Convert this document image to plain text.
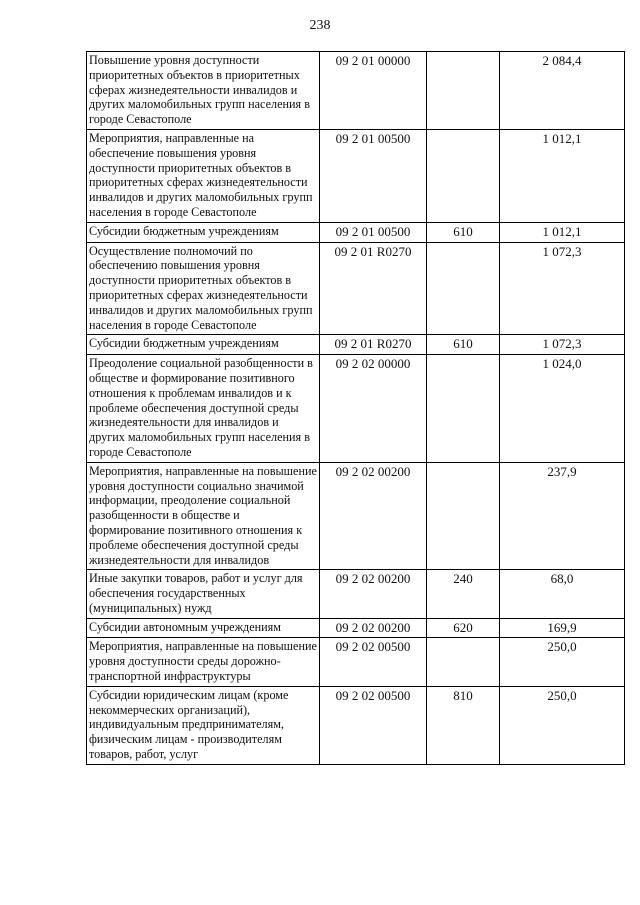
238
Повышение уровня доступности приоритетных объектов в приоритетных сферах жизнедеятельности инвалидов и других маломобильных групп населения в городе Севастополе	09 2 01 00000		2 084,4
Мероприятия, направленные на обеспечение повышения уровня доступности приоритетных объектов в приоритетных сферах жизнедеятельности инвалидов и других маломобильных групп населения в городе Севастополе	09 2 01 00500		1 012,1
Субсидии бюджетным учреждениям	09 2 01 00500	610	1 012,1
Осуществление полномочий по обеспечению повышения уровня доступности приоритетных объектов в приоритетных сферах жизнедеятельности инвалидов и других маломобильных групп населения в городе Севастополе	09 2 01 R0270		1 072,3
Субсидии бюджетным учреждениям	09 2 01 R0270	610	1 072,3
Преодоление социальной разобщенности в обществе и формирование позитивного отношения к проблемам инвалидов и к проблеме обеспечения доступной среды жизнедеятельности для инвалидов и других маломобильных групп населения в городе Севастополе	09 2 02 00000		1 024,0
Мероприятия, направленные на повышение уровня доступности социально значимой информации, преодоление социальной разобщенности в обществе и формирование позитивного отношения к проблеме обеспечения доступной среды жизнедеятельности для инвалидов	09 2 02 00200		237,9
Иные закупки товаров, работ и услуг для обеспечения государственных (муниципальных) нужд	09 2 02 00200	240	68,0
Субсидии автономным учреждениям	09 2 02 00200	620	169,9
Мероприятия, направленные на повышение уровня доступности среды дорожно-транспортной инфраструктуры	09 2 02 00500		250,0
Субсидии юридическим лицам (кроме некоммерческих организаций), индивидуальным предпринимателям, физическим лицам - производителям товаров, работ, услуг	09 2 02 00500	810	250,0
